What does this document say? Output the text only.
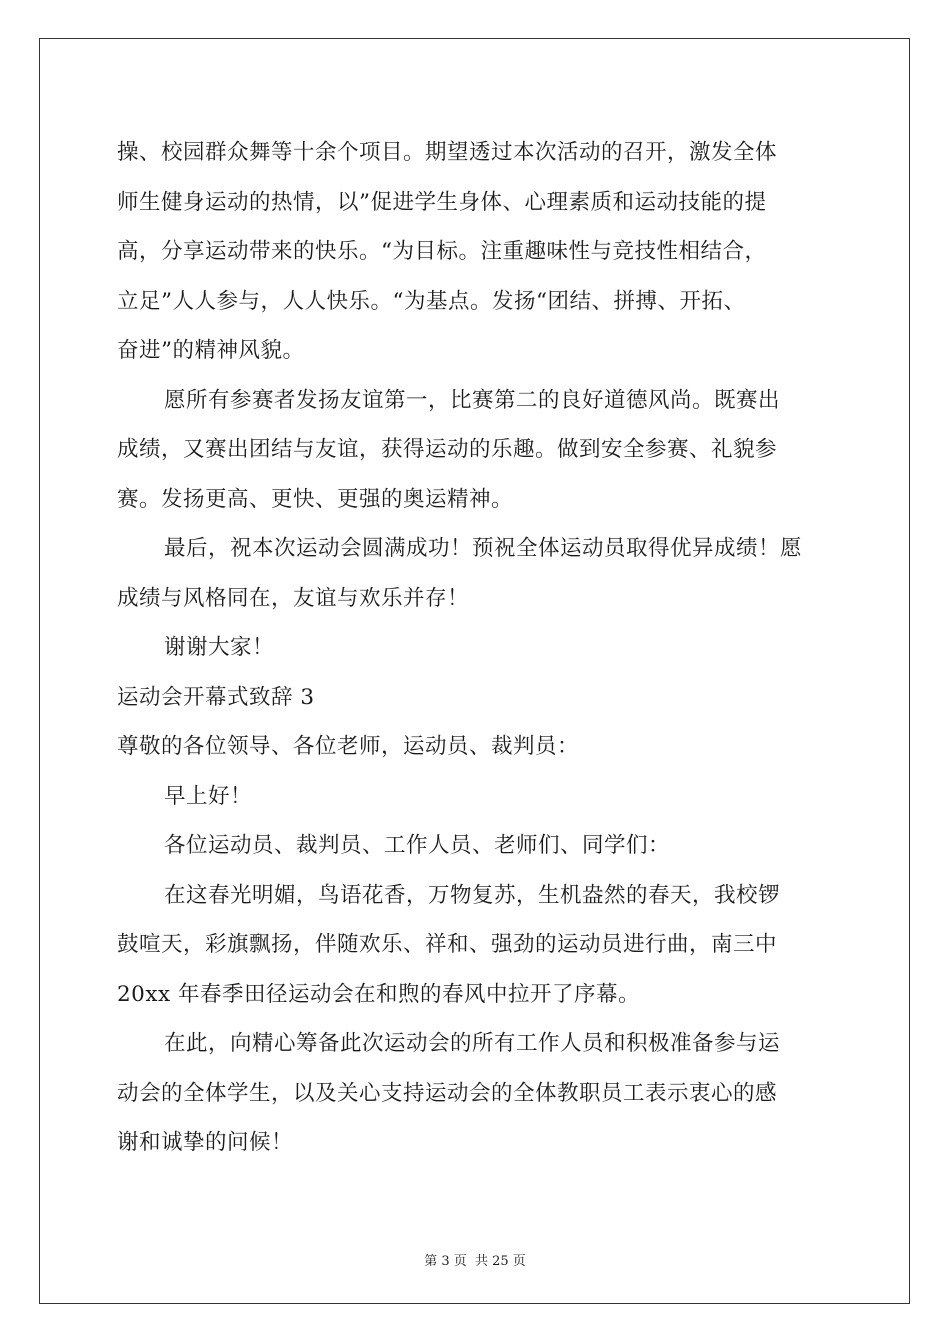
操、校园群众舞等十余个项目。期望透过本次活动的召开，激发全体
师生健身运动的热情，以”促进学生身体、心理素质和运动技能的提
高，分享运动带来的快乐。“为目标。注重趣味性与竞技性相结合，
立足”人人参与，人人快乐。“为基点。发扬“团结、拼搏、开拓、
奋进”的精神风貌。
愿所有参赛者发扬友谊第一，比赛第二的良好道德风尚。既赛出
成绩，又赛出团结与友谊，获得运动的乐趣。做到安全参赛、礼貌参
赛。发扬更高、更快、更强的奥运精神。
最后，祝本次运动会圆满成功！预祝全体运动员取得优异成绩！愿
成绩与风格同在，友谊与欢乐并存！
谢谢大家！
运动会开幕式致辞 3
尊敬的各位领导、各位老师，运动员、裁判员：
早上好！
各位运动员、裁判员、工作人员、老师们、同学们：
在这春光明媚，鸟语花香，万物复苏，生机盎然的春天，我校锣
鼓喧天，彩旗飘扬，伴随欢乐、祥和、强劲的运动员进行曲，南三中
20xx 年春季田径运动会在和煦的春风中拉开了序幕。
在此，向精心筹备此次运动会的所有工作人员和积极准备参与运
动会的全体学生，以及关心支持运动会的全体教职员工表示衷心的感
谢和诚挚的问候！
第 3 页  共 25 页
